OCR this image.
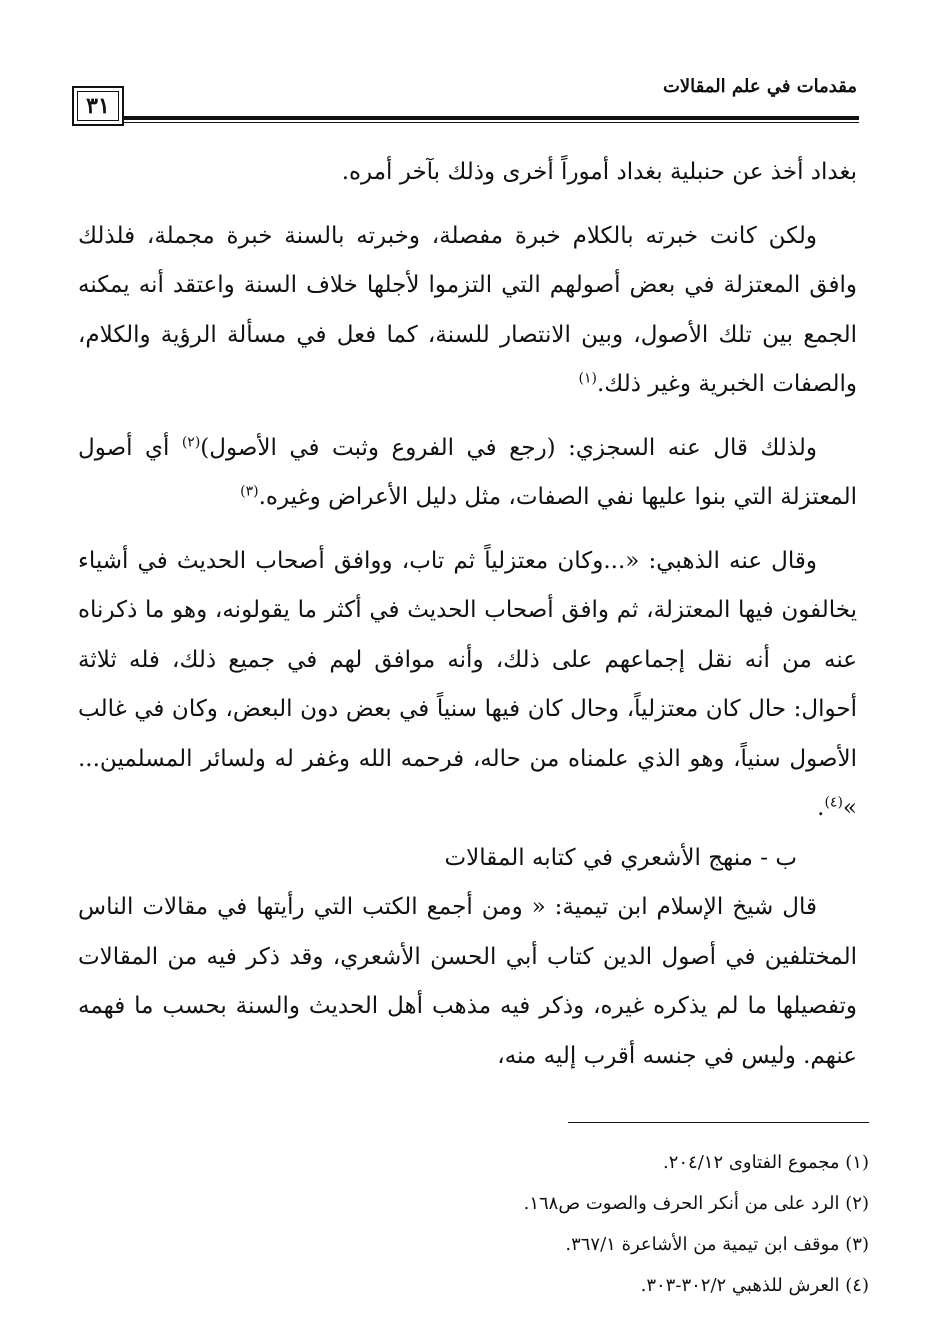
٣١
مقدمات في علم المقالات

بغداد أخذ عن حنبلية بغداد أموراً أخرى وذلك بآخر أمره.

ولكن كانت خبرته بالكلام خبرة مفصلة، وخبرته بالسنة خبرة مجملة، فلذلك وافق المعتزلة في بعض أصولهم التي التزموا لأجلها خلاف السنة واعتقد أنه يمكنه الجمع بين تلك الأصول، وبين الانتصار للسنة، كما فعل في مسألة الرؤية والكلام، والصفات الخبرية وغير ذلك.$^{(١)}$

ولذلك قال عنه السجزي: (رجع في الفروع وثبت في الأصول)$^{(٢)}$ أي أصول المعتزلة التي بنوا عليها نفي الصفات، مثل دليل الأعراض وغيره.$^{(٣)}$

وقال عنه الذهبي: «...وكان معتزلياً ثم تاب، ووافق أصحاب الحديث في أشياء يخالفون فيها المعتزلة، ثم وافق أصحاب الحديث في أكثر ما يقولونه، وهو ما ذكرناه عنه من أنه نقل إجماعهم على ذلك، وأنه موافق لهم في جميع ذلك، فله ثلاثة أحوال: حال كان معتزلياً، وحال كان فيها سنياً في بعض دون البعض، وكان في غالب الأصول سنياً، وهو الذي علمناه من حاله، فرحمه الله وغفر له ولسائر المسلمين... »$^{(٤)}$.

ب - منهج الأشعري في كتابه المقالات

قال شيخ الإسلام ابن تيمية: « ومن أجمع الكتب التي رأيتها في مقالات الناس المختلفين في أصول الدين كتاب أبي الحسن الأشعري، وقد ذكر فيه من المقالات وتفصيلها ما لم يذكره غيره، وذكر فيه مذهب أهل الحديث والسنة بحسب ما فهمه عنهم. وليس في جنسه أقرب إليه منه،

(١) مجموع الفتاوى ٢٠٤/١٢.

(٢) الرد على من أنكر الحرف والصوت ص١٦٨.

(٣) موقف ابن تيمية من الأشاعرة ٣٦٧/١.

(٤) العرش للذهبي ٣٠٢/٢-٣٠٣.
